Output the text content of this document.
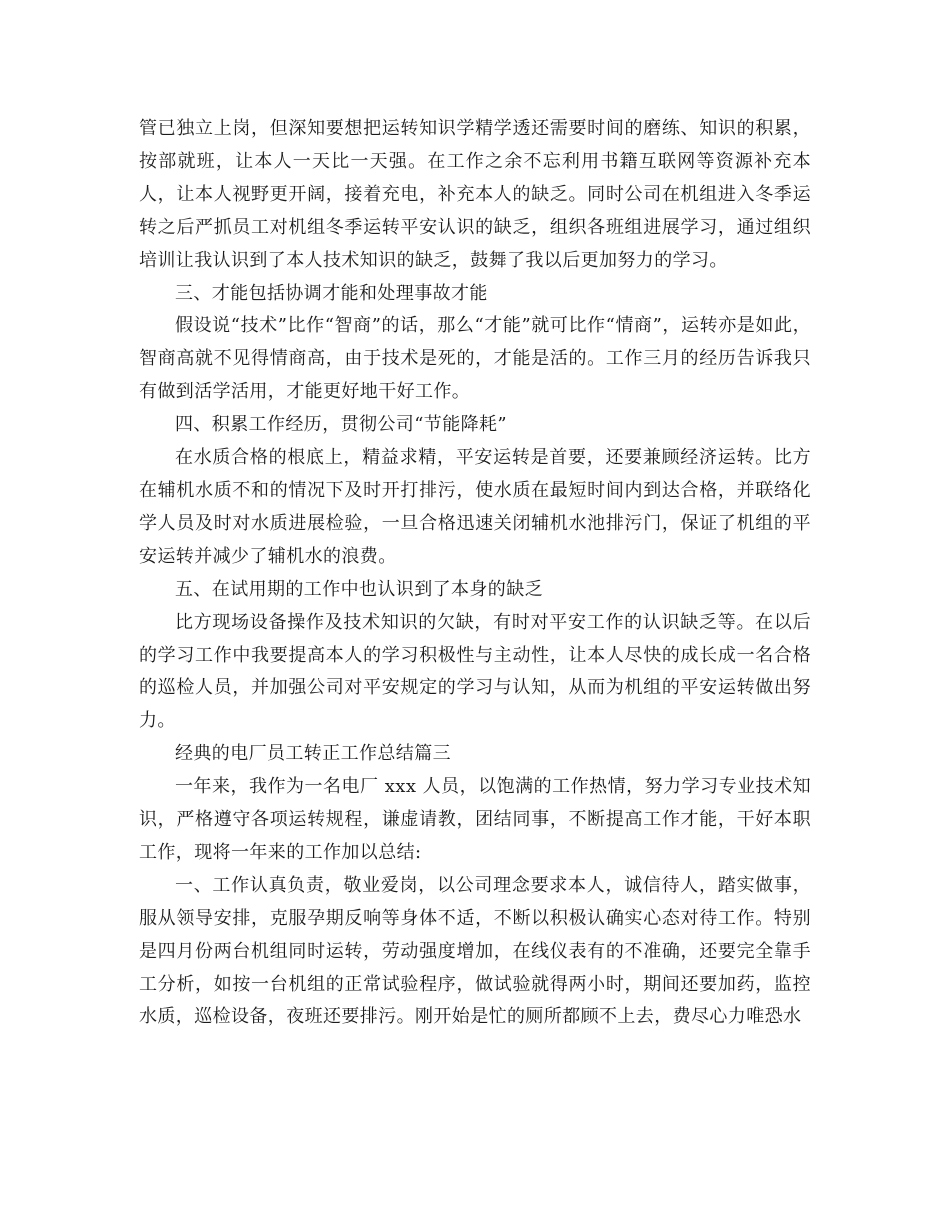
管已独立上岗，但深知要想把运转知识学精学透还需要时间的磨练、知识的积累，按部就班，让本人一天比一天强。在工作之余不忘利用书籍互联网等资源补充本人，让本人视野更开阔，接着充电，补充本人的缺乏。同时公司在机组进入冬季运转之后严抓员工对机组冬季运转平安认识的缺乏，组织各班组进展学习，通过组织培训让我认识到了本人技术知识的缺乏，鼓舞了我以后更加努力的学习。

三、才能包括协调才能和处理事故才能

假设说“技术”比作“智商”的话，那么“才能”就可比作“情商”，运转亦是如此，智商高就不见得情商高，由于技术是死的，才能是活的。工作三月的经历告诉我只有做到活学活用，才能更好地干好工作。

四、积累工作经历，贯彻公司“节能降耗”

在水质合格的根底上，精益求精，平安运转是首要，还要兼顾经济运转。比方在辅机水质不和的情况下及时开打排污，使水质在最短时间内到达合格，并联络化学人员及时对水质进展检验，一旦合格迅速关闭辅机水池排污门，保证了机组的平安运转并减少了辅机水的浪费。

五、在试用期的工作中也认识到了本身的缺乏

比方现场设备操作及技术知识的欠缺，有时对平安工作的认识缺乏等。在以后的学习工作中我要提高本人的学习积极性与主动性，让本人尽快的成长成一名合格的巡检人员，并加强公司对平安规定的学习与认知，从而为机组的平安运转做出努力。

经典的电厂员工转正工作总结篇三

一年来，我作为一名电厂 xxx 人员，以饱满的工作热情，努力学习专业技术知识，严格遵守各项运转规程，谦虚请教，团结同事，不断提高工作才能，干好本职工作，现将一年来的工作加以总结:

一、工作认真负责，敬业爱岗，以公司理念要求本人，诚信待人，踏实做事，服从领导安排，克服孕期反响等身体不适，不断以积极认确实心态对待工作。特别是四月份两台机组同时运转，劳动强度增加，在线仪表有的不准确，还要完全靠手工分析，如按一台机组的正常试验程序，做试验就得两小时，期间还要加药，监控水质，巡检设备，夜班还要排污。刚开始是忙的厕所都顾不上去，费尽心力唯恐水
